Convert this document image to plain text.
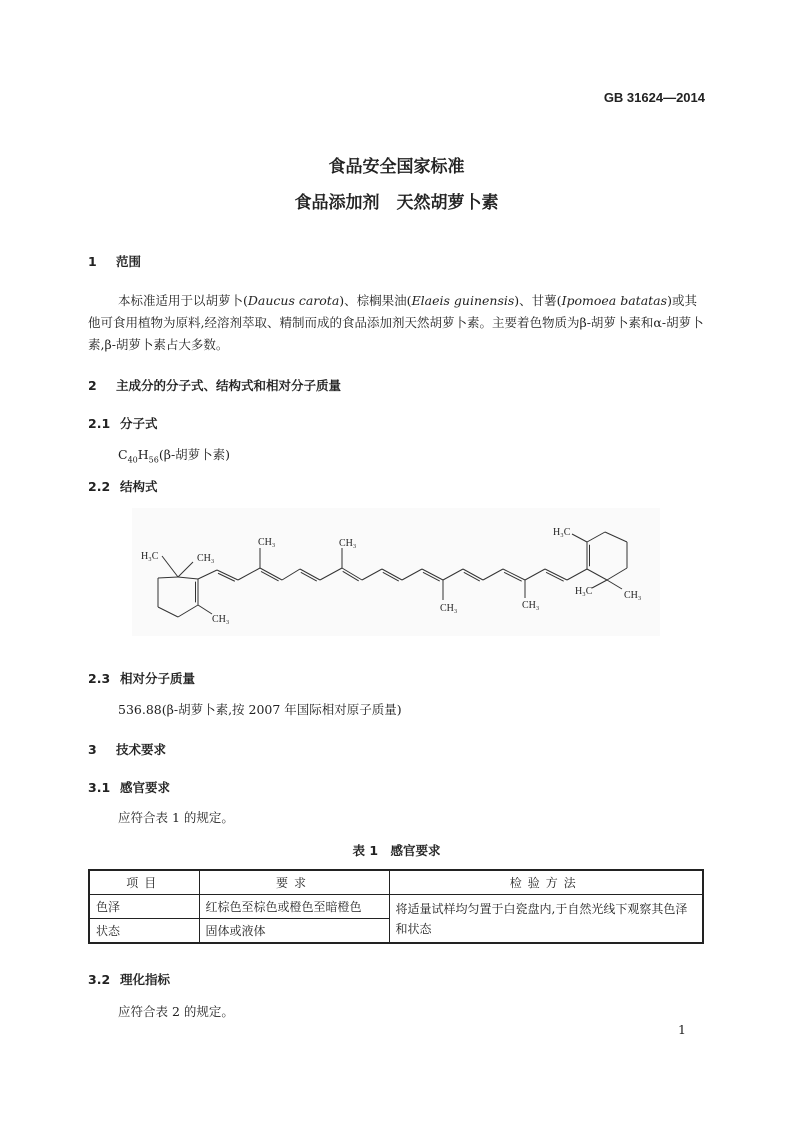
GB 31624—2014
食品安全国家标准
食品添加剂　天然胡萝卜素
1 范围
本标准适用于以胡萝卜(Daucus carota)、棕榈果油(Elaeis guinensis)、甘薯(Ipomoea batatas)或其他可食用植物为原料,经溶剂萃取、精制而成的食品添加剂天然胡萝卜素。主要着色物质为β-胡萝卜素和α-胡萝卜素,β-胡萝卜素占大多数。
2 主成分的分子式、结构式和相对分子质量
2.1 分子式
$C_{40}H_{56}(\beta-$胡萝卜素)
2.2 结构式
H₃C	CH₃
CH₃	CH₃
CH₃	CH₃
CH₃
H₃C
H₃C	CH₃
2.3 相对分子质量
536.88(β-胡萝卜素,按 2007 年国际相对原子质量)
3 技术要求
3.1 感官要求
应符合表 1 的规定。
表 1　感官要求
项目	要求	检验方法
色泽	红棕色至棕色或橙色至暗橙色	将适量试样均匀置于白瓷盘内,于自然光线下观察其色泽和状态
状态	固体或液体	
3.2 理化指标
应符合表 2 的规定。
1
